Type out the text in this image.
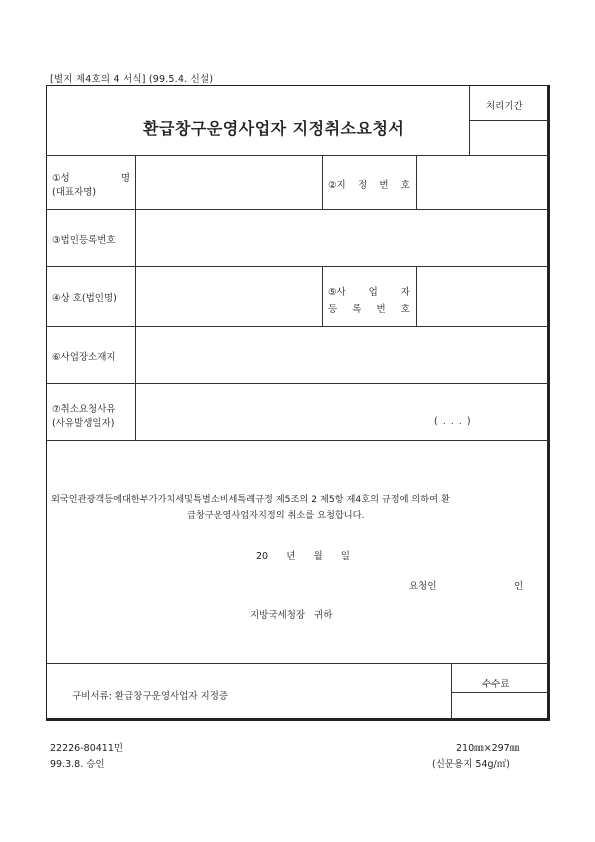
[별지 제4호의 4 서식] (99.5.4. 신설)
환급창구운영사업자 지정취소요청서
처리기간
①성	명
(대표자명)
②지 정 번 호
③법인등록번호
④상 호(법인명)
⑤사 업 자
등 록 번 호
⑥사업장소재지
⑦취소요청사유
(사유발생일자)	( . . . )
외국인관광객등에대한부가가치세및특별소비세특례규정 제5조의 2 제5항 제4호의 규정에 의하여 환
급창구운영사업자지정의 취소를 요청합니다.
20      년      월      일
요청인	인
지방국세청장   귀하
구비서류: 환급창구운영사업자 지정증
수수료
22226-80411민
99.3.8. 승인
210㎜×297㎜
(신문용지 54g/㎡)
